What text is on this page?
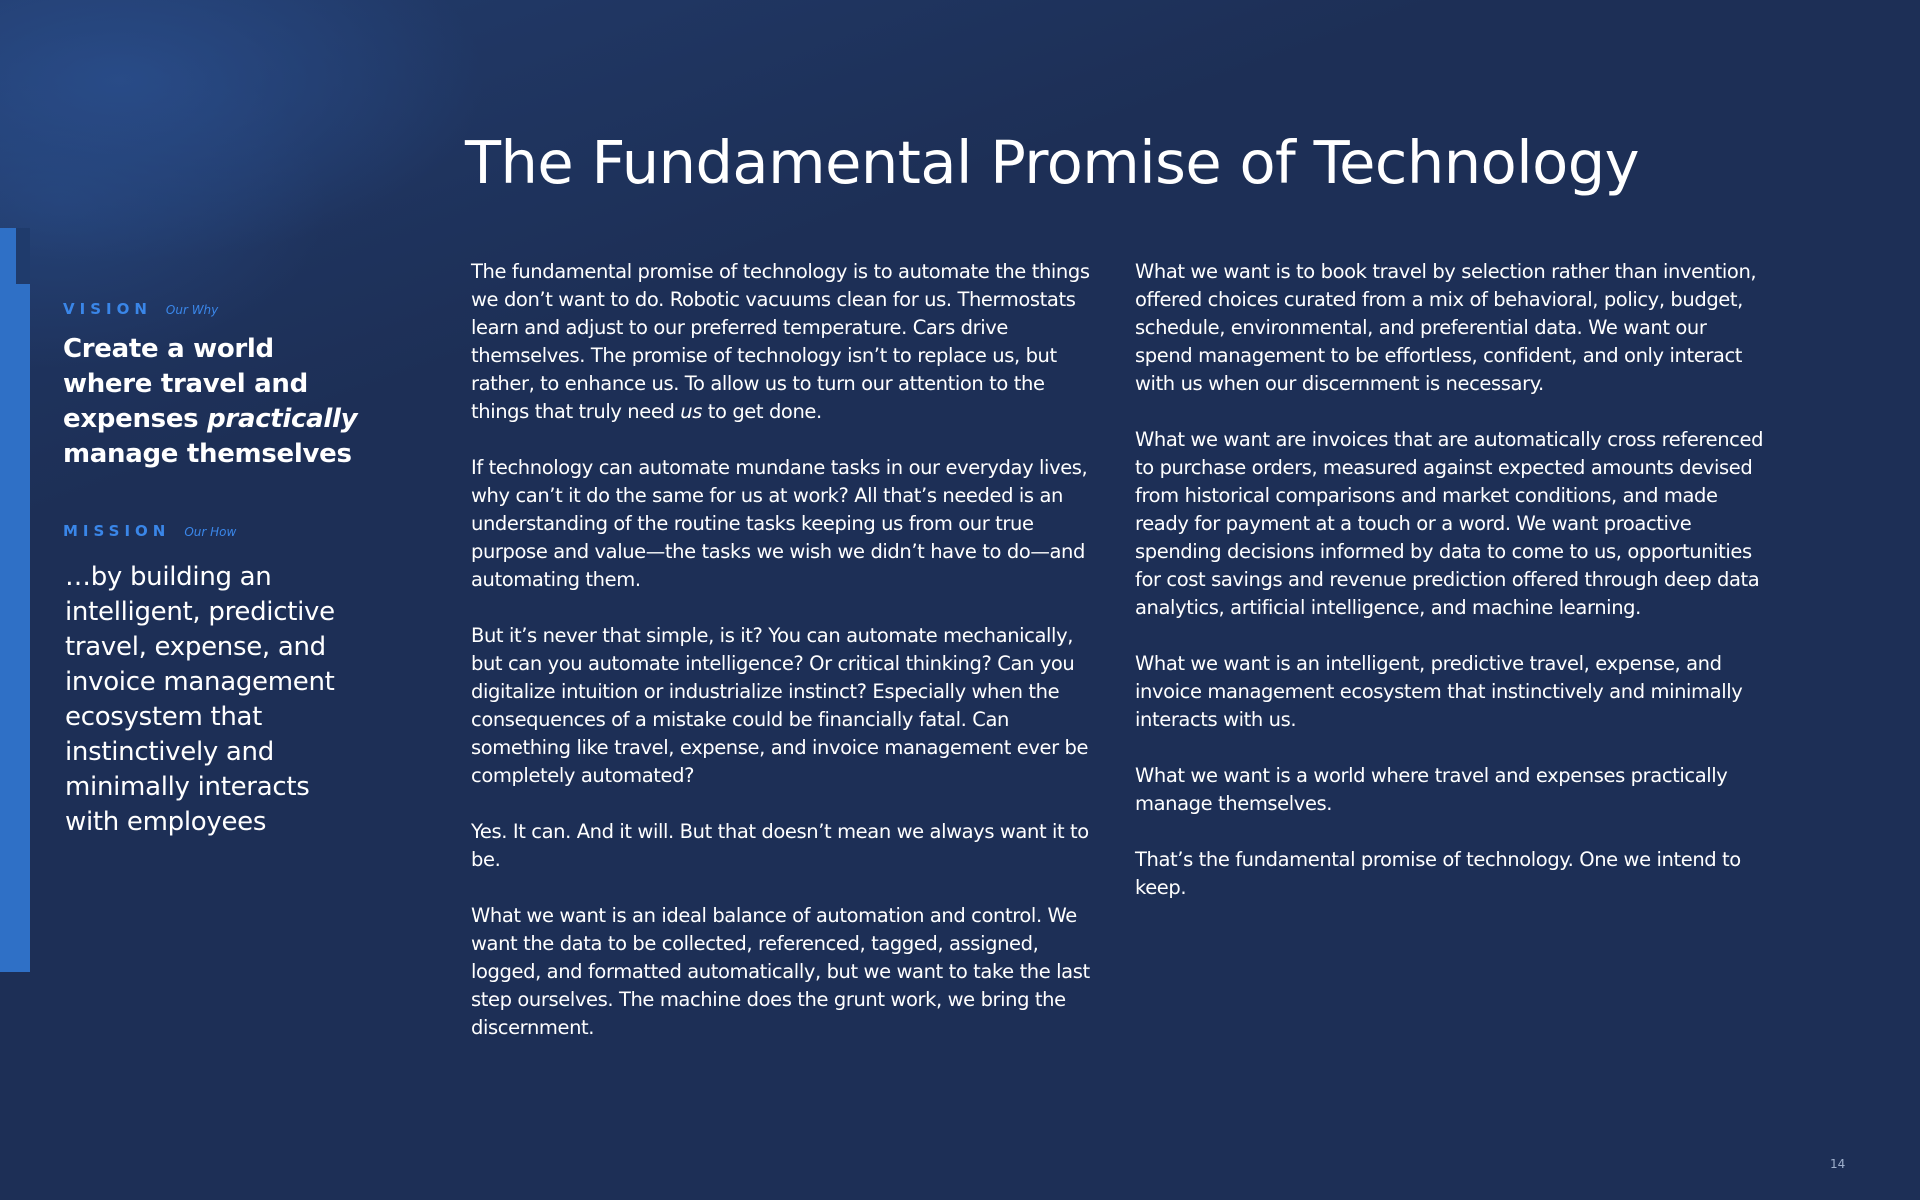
The Fundamental Promise of Technology
VISION Our Why
Create a world where travel and expenses practically manage themselves
MISSION Our How
…by building an intelligent, predictive travel, expense, and invoice management ecosystem that instinctively and minimally interacts with employees

The fundamental promise of technology is to automate the things we don’t want to do. Robotic vacuums clean for us. Thermostats learn and adjust to our preferred temperature. Cars drive themselves. The promise of technology isn’t to replace us, but rather, to enhance us. To allow us to turn our attention to the things that truly need us to get done.

If technology can automate mundane tasks in our everyday lives, why can’t it do the same for us at work? All that’s needed is an understanding of the routine tasks keeping us from our true purpose and value—the tasks we wish we didn’t have to do—and automating them.

But it’s never that simple, is it? You can automate mechanically, but can you automate intelligence? Or critical thinking? Can you digitalize intuition or industrialize instinct? Especially when the consequences of a mistake could be financially fatal. Can something like travel, expense, and invoice management ever be completely automated?

Yes. It can. And it will. But that doesn’t mean we always want it to be.

What we want is an ideal balance of automation and control. We want the data to be collected, referenced, tagged, assigned, logged, and formatted automatically, but we want to take the last step ourselves. The machine does the grunt work, we bring the discernment.

What we want is to book travel by selection rather than invention, offered choices curated from a mix of behavioral, policy, budget, schedule, environmental, and preferential data. We want our spend management to be effortless, confident, and only interact with us when our discernment is necessary.

What we want are invoices that are automatically cross referenced to purchase orders, measured against expected amounts devised from historical comparisons and market conditions, and made ready for payment at a touch or a word. We want proactive spending decisions informed by data to come to us, opportunities for cost savings and revenue prediction offered through deep data analytics, artificial intelligence, and machine learning.

What we want is an intelligent, predictive travel, expense, and invoice management ecosystem that instinctively and minimally interacts with us.

What we want is a world where travel and expenses practically manage themselves.

That’s the fundamental promise of technology. One we intend to keep.

14
